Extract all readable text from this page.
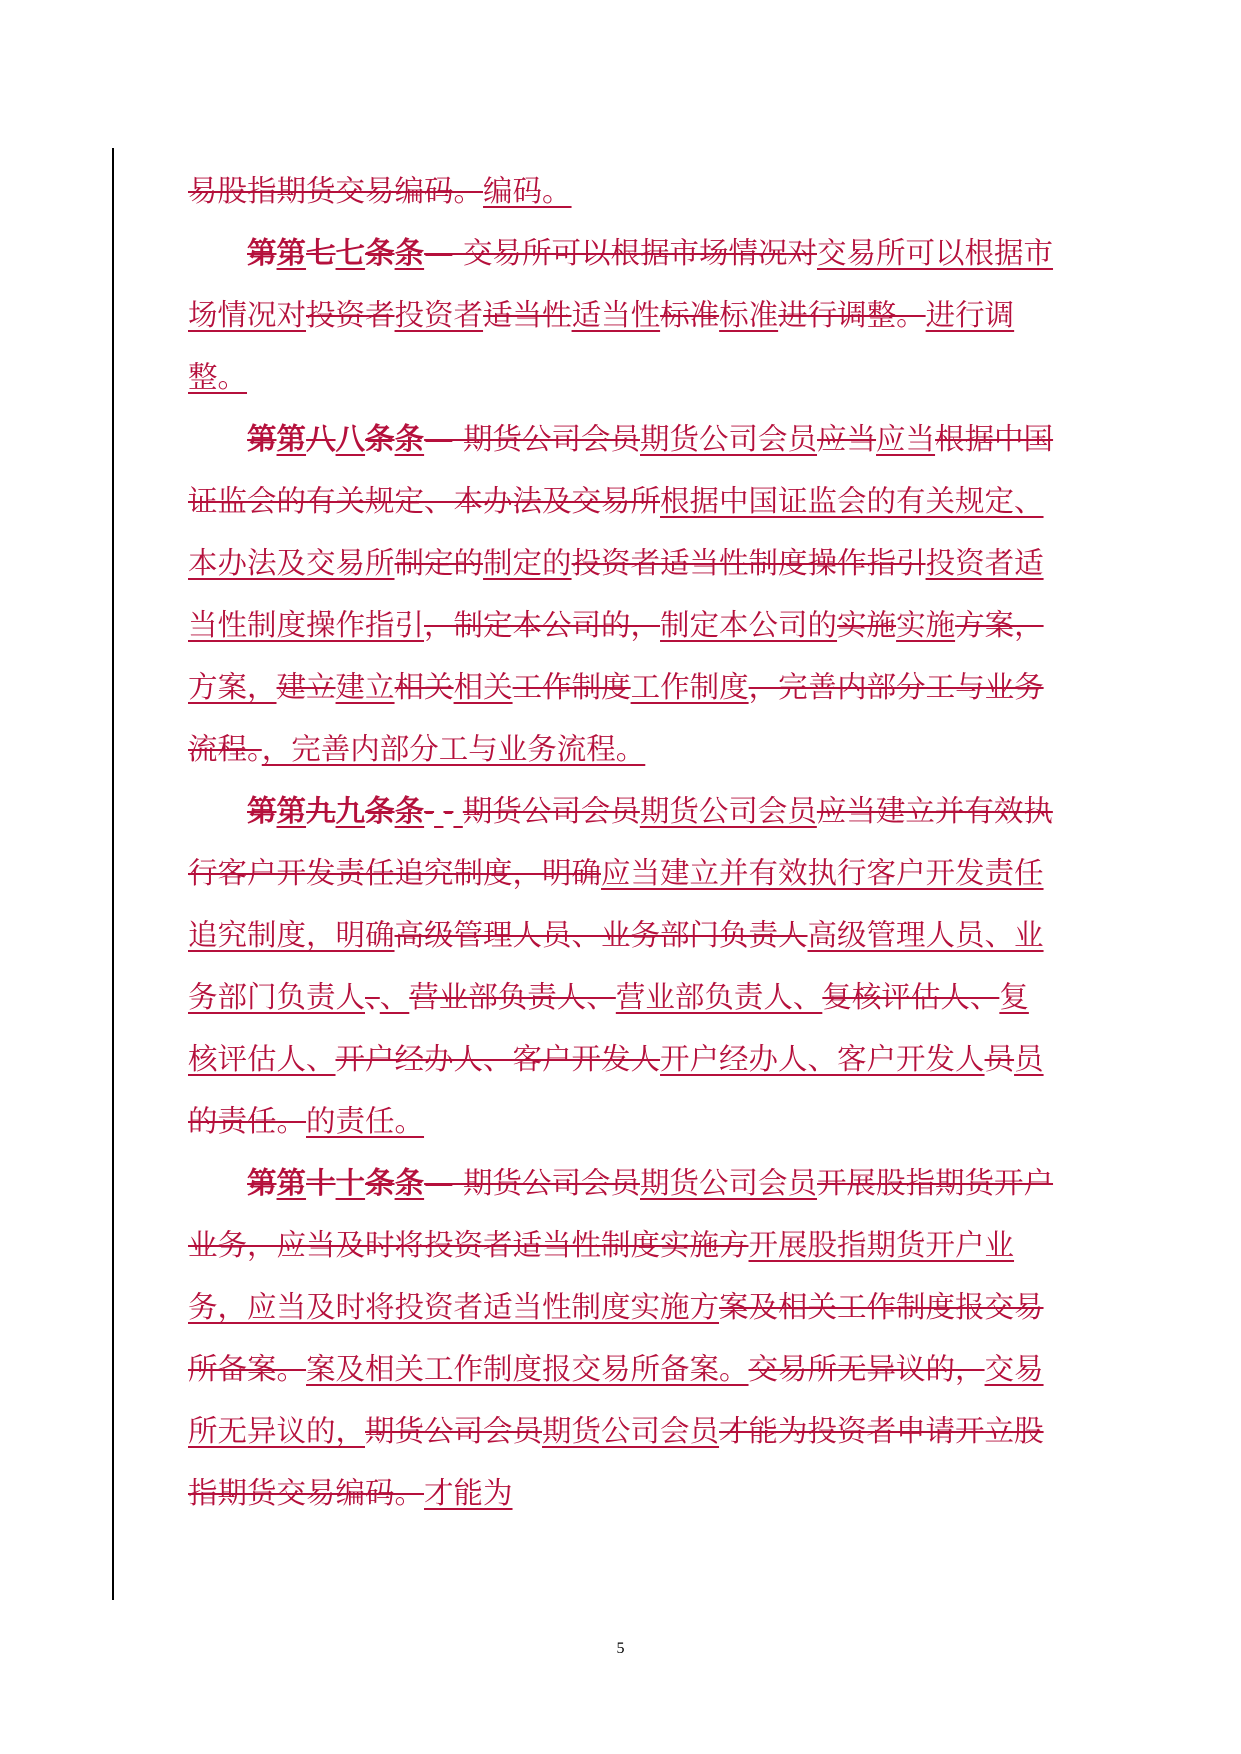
易股指期货交易编码。编码。

第第七七条条— 交易所可以根据市场情况对交易所可以根据市场情况对投资者投资者适当性适当性标准标准进行调整。进行调整。

第第八八条条— 期货公司会员期货公司会员应当应当根据中国证监会的有关规定、本办法及交易所根据中国证监会的有关规定、本办法及交易所制定的制定的投资者适当性制度操作指引投资者适当性制度操作指引，制定本公司的，制定本公司的实施实施方案，方案，建立建立相关相关工作制度工作制度，完善内部分工与业务流程。，完善内部分工与业务流程。

第第九九条条- - 期货公司会员期货公司会员应当建立并有效执行客户开发责任追究制度，明确应当建立并有效执行客户开发责任追究制度，明确高级管理人员、业务部门负责人高级管理人员、业务部门负责人、、营业部负责人、营业部负责人、复核评估人、复核评估人、开户经办人、客户开发人开户经办人、客户开发人员员的责任。的责任。

第第十十条条— 期货公司会员期货公司会员开展股指期货开户业务，应当及时将投资者适当性制度实施方开展股指期货开户业务，应当及时将投资者适当性制度实施方案及相关工作制度报交易所备案。案及相关工作制度报交易所备案。交易所无异议的，交易所无异议的，期货公司会员期货公司会员才能为投资者申请开立股指期货交易编码。才能为

5
